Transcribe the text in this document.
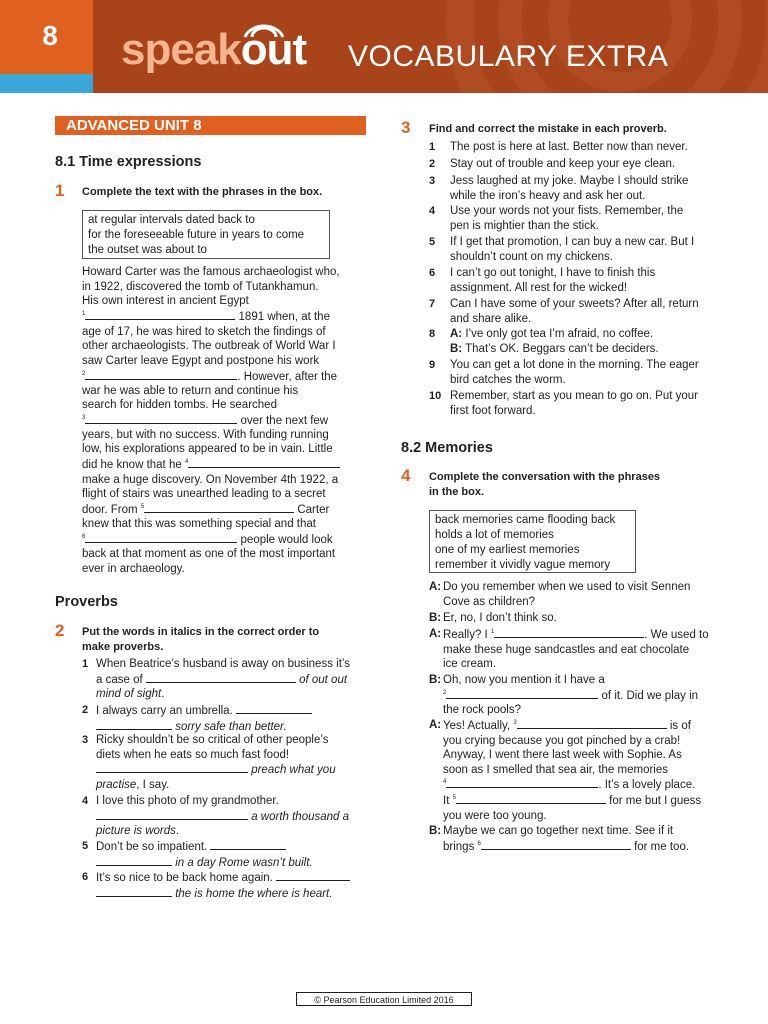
8	speakout VOCABULARY EXTRA
ADVANCED UNIT 8
8.1 Time expressions
1 Complete the text with the phrases in the box.
at regular intervals dated back to
for the foreseeable future in years to come
the outset was about to
Howard Carter was the famous archaeologist who,
in 1922, discovered the tomb of Tutankhamun.
His own interest in ancient Egypt
$^1$	1891 when, at the
age of 17, he was hired to sketch the findings of
other archaeologists. The outbreak of World War I
saw Carter leave Egypt and postpone his work
$^2$	. However, after the
war he was able to return and continue his
search for hidden tombs. He searched
$^3$	over the next few
years, but with no success. With funding running
low, his explorations appeared to be in vain. Little
did he know that he $^4$
make a huge discovery. On November 4th 1922, a
flight of stairs was unearthed leading to a secret
door. From $^5$	Carter
knew that this was something special and that
$^6$	people would look
back at that moment as one of the most important
ever in archaeology.
Proverbs
2 Put the words in italics in the correct order to
make proverbs.
1 When Beatrice’s husband is away on business it’s
a case of	of out out
mind of sight.
2 I always carry an umbrella.
sorry safe than better.
3 Ricky shouldn’t be so critical of other people’s
diets when he eats so much fast food!
preach what you
practise, I say.
4 I love this photo of my grandmother.
a worth thousand a
picture is words.
5 Don’t be so impatient.
in a day Rome wasn’t built.
6 It’s so nice to be back home again.
the is home the where is heart.
3 Find and correct the mistake in each proverb.
1 The post is here at last. Better now than never.
2 Stay out of trouble and keep your eye clean.
3 Jess laughed at my joke. Maybe I should strike
while the iron’s heavy and ask her out.
4 Use your words not your fists. Remember, the
pen is mightier than the stick.
5 If I get that promotion, I can buy a new car. But I
shouldn’t count on my chickens.
6 I can’t go out tonight, I have to finish this
assignment. All rest for the wicked!
7 Can I have some of your sweets? After all, return
and share alike.
8 A: I’ve only got tea I’m afraid, no coffee.
B: That’s OK. Beggars can’t be deciders.
9 You can get a lot done in the morning. The eager
bird catches the worm.
10 Remember, start as you mean to go on. Put your
first foot forward.
8.2 Memories
4 Complete the conversation with the phrases
in the box.
back memories came flooding back
holds a lot of memories
one of my earliest memories
remember it vividly vague memory
A: Do you remember when we used to visit Sennen
Cove as children?
B: Er, no, I don’t think so.
A: Really? I $^1$	. We used to
make these huge sandcastles and eat chocolate
ice cream.
B: Oh, now you mention it I have a
$^2$	of it. Did we play in
the rock pools?
A: Yes! Actually, $^3$	is of
you crying because you got pinched by a crab!
Anyway, I went there last week with Sophie. As
soon as I smelled that sea air, the memories
$^4$	. It’s a lovely place.
It $^5$	for me but I guess
you were too young.
B: Maybe we can go together next time. See if it
brings $^6$	for me too.
© Pearson Education Limited 2016
